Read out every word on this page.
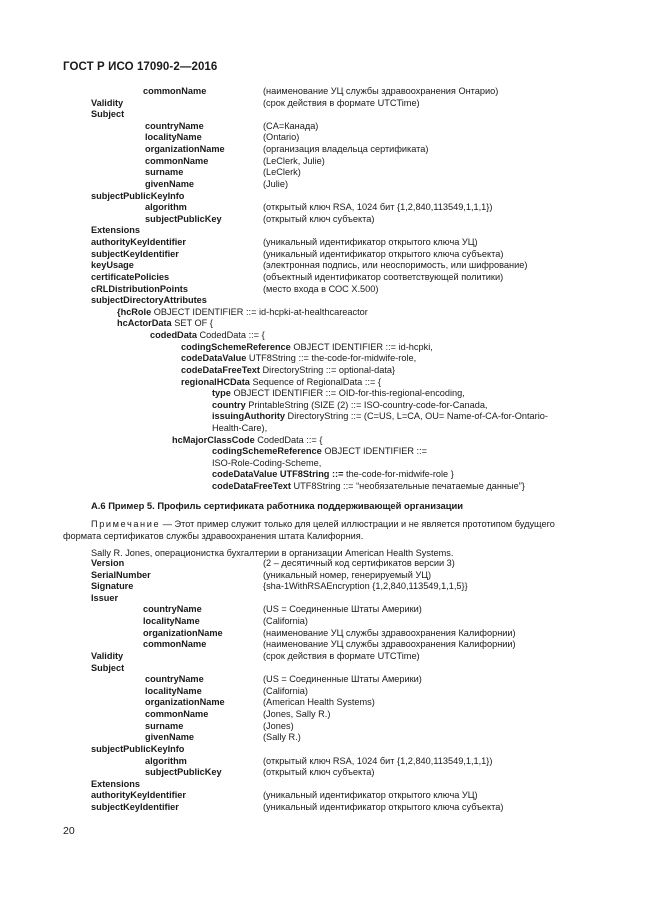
ГОСТ Р ИСО 17090-2—2016
commonName	(наименование УЦ службы здравоохранения Онтарио)
Validity	(срок действия в формате UTCTime)
Subject
countryName	(CA=Канада)
localityName	(Ontario)
organizationName	(организация владельца сертификата)
commonName	(LeClerk, Julie)
surname	(LeClerk)
givenName	(Julie)
subjectPublicKeyInfo
algorithm	(открытый ключ RSA, 1024 бит {1,2,840,113549,1,1,1})
subjectPublicKey	(открытый ключ субъекта)
Extensions
authorityKeyIdentifier	(уникальный идентификатор открытого ключа УЦ)
subjectKeyIdentifier	(уникальный идентификатор открытого ключа субъекта)
keyUsage	(электронная подпись, или неоспоримость, или шифрование)
certificatePolicies	(объектный идентификатор соответствующей политики)
cRLDistributionPoints	(место входа в СОС X.500)
subjectDirectoryAttributes
{hcRole OBJECT IDENTIFIER ::= id-hcpki-at-healthcareactor
hcActorData SET OF {
codedData CodedData ::= {
codingSchemeReference OBJECT IDENTIFIER ::= id-hcpki,
codeDataValue UTF8String ::= the-code-for-midwife-role,
codeDataFreeText DirectoryString ::= optional-data}
regionalHCData Sequence of RegionalData ::= {
type OBJECT IDENTIFIER ::= OID-for-this-regional-encoding,
country PrintableString (SIZE (2) ::= ISO-country-code-for-Canada,
issuingAuthority DirectoryString ::= (C=US, L=CA, OU= Name-of-CA-for-Ontario-
Health-Care),
hcMajorClassCode CodedData ::= {
codingSchemeReference OBJECT IDENTIFIER ::=
ISO-Role-Coding-Scheme,
codeDataValue UTF8String ::= the-code-for-midwife-role }
codeDataFreeText UTF8String ::= “необязательные печатаемые данные”}
A.6 Пример 5. Профиль сертификата работника поддерживающей организации
Примечание — Этот пример служит только для целей иллюстрации и не является прототипом будущего
формата сертификатов службы здравоохранения штата Калифорния.
Sally R. Jones, операционистка бухгалтерии в организации American Health Systems.
Version	(2 – десятичный код сертификатов версии 3)
SerialNumber	(уникальный номер, генерируемый УЦ)
Signature	{sha-1WithRSAEncryption {1,2,840,113549,1,1,5}}
Issuer
countryName	(US = Соединенные Штаты Америки)
localityName	(California)
organizationName	(наименование УЦ службы здравоохранения Калифорнии)
commonName	(наименование УЦ службы здравоохранения Калифорнии)
Validity	(срок действия в формате UTCTime)
Subject
countryName	(US = Соединенные Штаты Америки)
localityName	(California)
organizationName	(American Health Systems)
commonName	(Jones, Sally R.)
surname	(Jones)
givenName	(Sally R.)
subjectPublicKeyInfo
algorithm	(открытый ключ RSA, 1024 бит {1,2,840,113549,1,1,1})
subjectPublicKey	(открытый ключ субъекта)
Extensions
authorityKeyIdentifier	(уникальный идентификатор открытого ключа УЦ)
subjectKeyIdentifier	(уникальный идентификатор открытого ключа субъекта)
20
